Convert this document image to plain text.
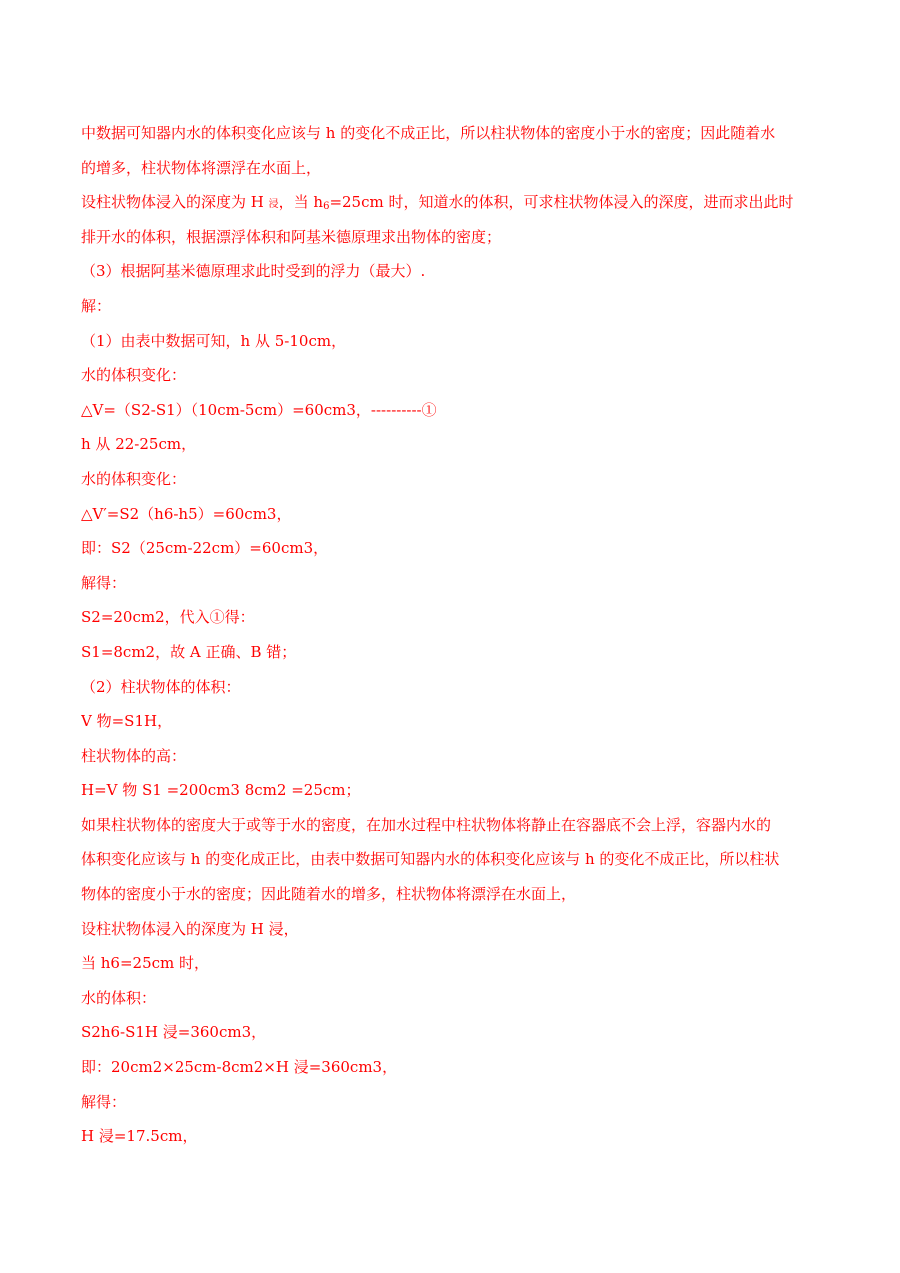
中数据可知器内水的体积变化应该与 h 的变化不成正比，所以柱状物体的密度小于水的密度；因此随着水
的增多，柱状物体将漂浮在水面上，
设柱状物体浸入的深度为 H 浸，当 $h_6=25cm$ 时，知道水的体积，可求柱状物体浸入的深度，进而求出此时
排开水的体积，根据漂浮体积和阿基米德原理求出物体的密度；
（3）根据阿基米德原理求此时受到的浮力（最大）.
解：
（1）由表中数据可知，h 从 5-10cm，
水的体积变化：
△V=（S2-S1）（10cm-5cm）=60cm3，----------①
h 从 22-25cm，
水的体积变化：
△V′=S2（h6-h5）=60cm3，
即：S2（25cm-22cm）=60cm3，
解得：
S2=20cm2，代入①得：
S1=8cm2，故 A 正确、B 错；
（2）柱状物体的体积：
V 物=S1H，
柱状物体的高：
H=V 物 S1 =200cm3 8cm2 =25cm；
如果柱状物体的密度大于或等于水的密度，在加水过程中柱状物体将静止在容器底不会上浮，容器内水的
体积变化应该与 h 的变化成正比，由表中数据可知器内水的体积变化应该与 h 的变化不成正比，所以柱状
物体的密度小于水的密度；因此随着水的增多，柱状物体将漂浮在水面上，
设柱状物体浸入的深度为 H 浸，
当 h6=25cm 时，
水的体积：
S2h6-S1H 浸=360cm3，
即：20cm2×25cm-8cm2×H 浸=360cm3，
解得：
H 浸=17.5cm，
